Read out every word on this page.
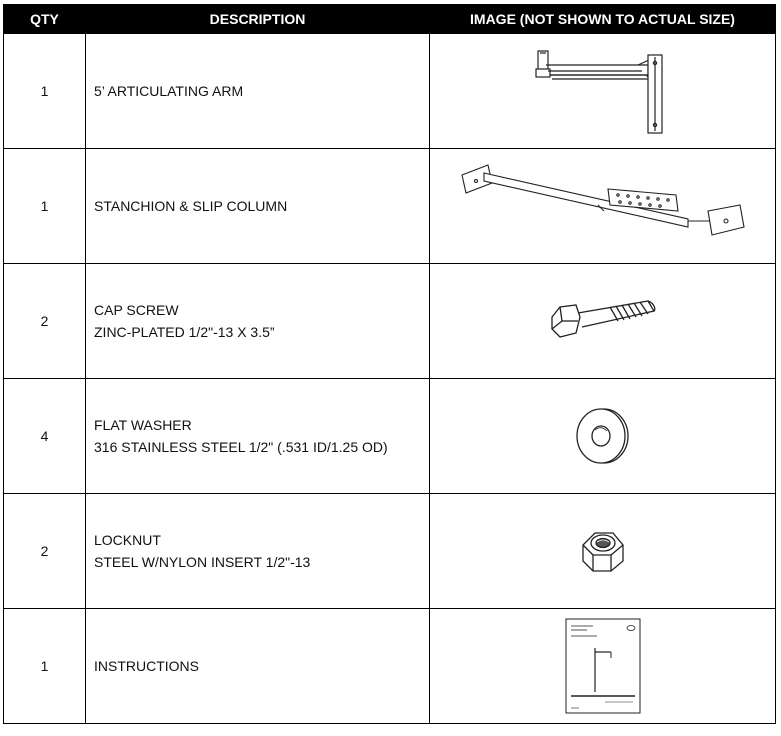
QTY	DESCRIPTION	IMAGE (NOT SHOWN TO ACTUAL SIZE)
1	5’ ARTICULATING ARM

1	STANCHION & SLIP COLUMN

2	CAP SCREW
ZINC-PLATED 1/2"-13 X 3.5”

4	FLAT WASHER
316 STAINLESS STEEL 1/2" (.531 ID/1.25 OD)

2	LOCKNUT
STEEL W/NYLON INSERT 1/2"-13

1	INSTRUCTIONS
